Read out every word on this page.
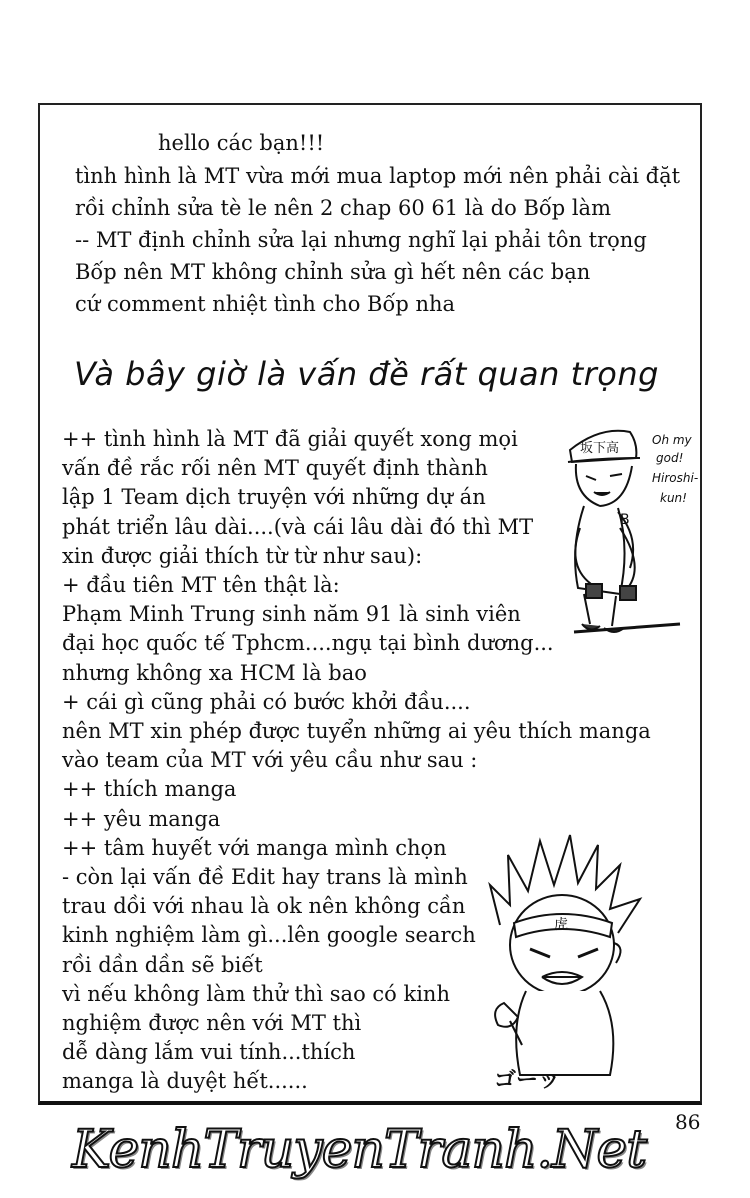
hello các bạn!!!
tình hình là MT vừa mới mua laptop mới nên phải cài đặt
rồi chỉnh sửa tè le nên 2 chap 60 61 là do Bốp làm
-- MT định chỉnh sửa lại nhưng nghĩ lại phải tôn trọng
Bốp nên MT không chỉnh sửa gì hết nên các bạn
cứ comment nhiệt tình cho Bốp nha
Và bây giờ là vấn đề rất quan trọng
++ tình hình là MT đã giải quyết xong mọi
vấn đề rắc rối nên MT quyết định thành
lập 1 Team dịch truyện với những dự án
phát triển lâu dài....(và cái lâu dài đó thì MT
xin được giải thích từ từ như sau):
+ đầu tiên MT tên thật là:
Phạm Minh Trung sinh năm 91 là sinh viên
đại học quốc tế Tphcm....ngụ tại bình dương...
nhưng không xa HCM là bao
+ cái gì cũng phải có bước khởi đầu....
nên MT xin phép được tuyển những ai yêu thích manga
vào team của MT với yêu cầu như sau :
++ thích manga
++ yêu manga
++ tâm huyết với manga mình chọn
- còn lại vấn đề Edit hay trans là mình
trau dồi với nhau là ok nên không cần
kinh nghiệm làm gì...lên google search
rồi dần dần sẽ biết
vì nếu không làm thử thì sao có kinh
nghiệm được nên với MT thì
dễ dàng lắm vui tính...thích
manga là duyệt hết......
坂下高
B
Oh my
god!
Hiroshi-
kun!
虎
ゴーッ
86
KenhTruyenTranh.Net
